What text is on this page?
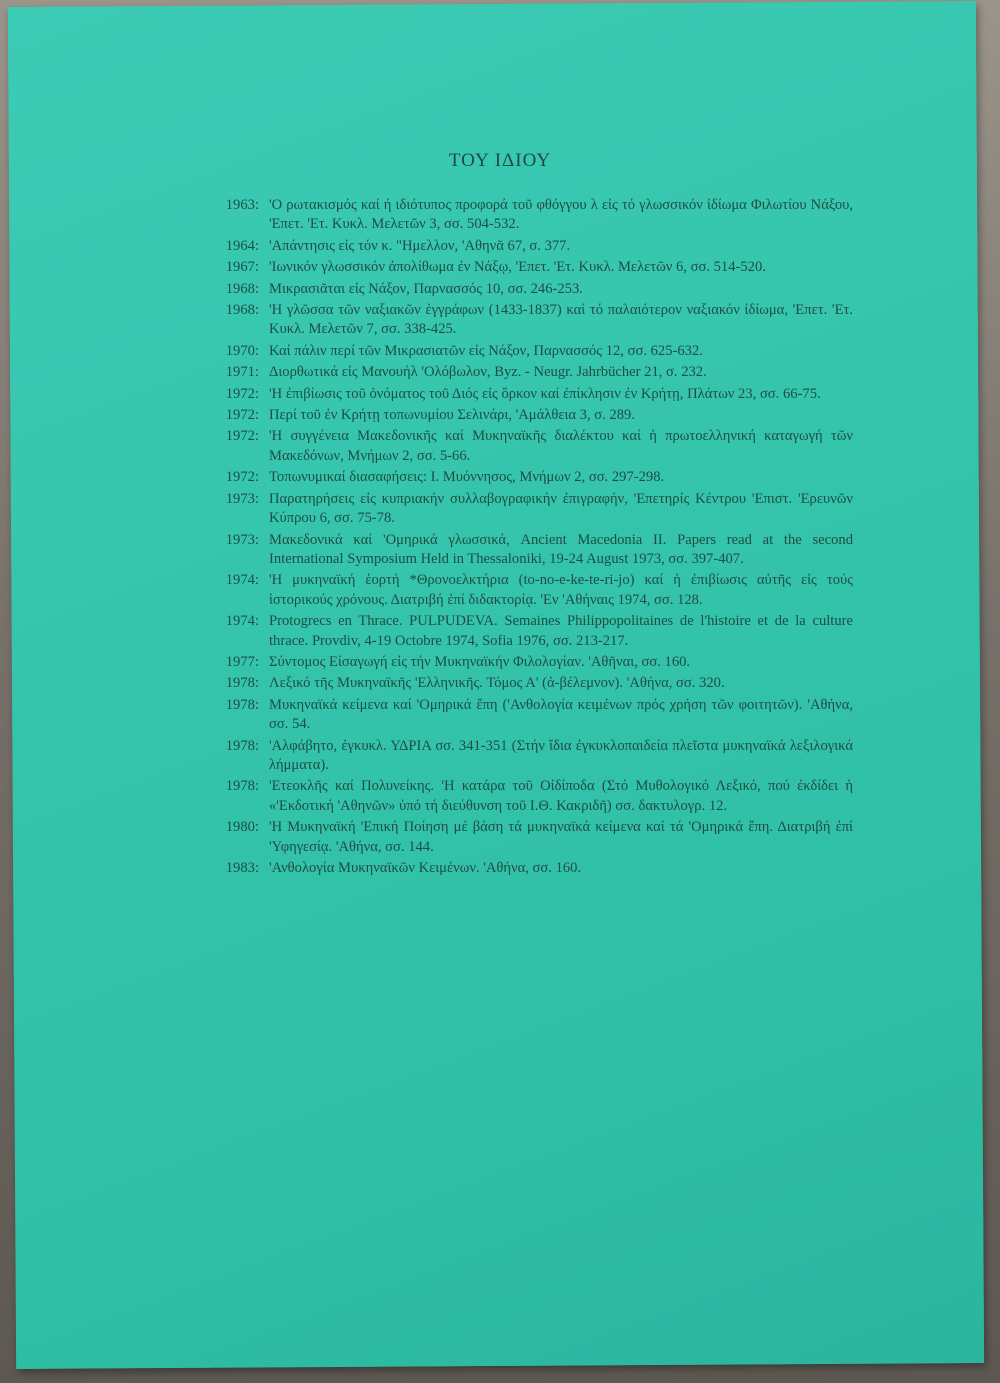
ΤΟΥ ΙΔΙΟΥ
1963: 'Ο ρωτακισμός καί ή ιδιότυπος προφορά τοῦ φθόγγου λ εἰς τό γλωσσικόν ἰδίωμα Φιλωτίου Νάξου, 'Επετ. 'Ετ. Κυκλ. Μελετῶν 3, σσ. 504-532.
1964: 'Απάντησις εἰς τόν κ. "Ημελλον, 'Αθηνᾶ 67, σ. 377.
1967: 'Ιωνικόν γλωσσικόν ἀπολίθωμα ἐν Νάξῳ, 'Επετ. 'Ετ. Κυκλ. Μελετῶν 6, σσ. 514-520.
1968: Μικρασιᾶται εἰς Νάξον, Παρνασσός 10, σσ. 246-253.
1968: 'Η γλῶσσα τῶν ναξιακῶν ἐγγράφων (1433-1837) καί τό παλαιότερον ναξιακόν ἰδίωμα, 'Επετ. 'Ετ. Κυκλ. Μελετῶν 7, σσ. 338-425.
1970: Καί πάλιν περί τῶν Μικρασιατῶν εἰς Νάξον, Παρνασσός 12, σσ. 625-632.
1971: Διορθωτικά εἰς Μανουήλ 'Ολόβωλον, Byz. - Neugr. Jahrbücher 21, σ. 232.
1972: 'Η ἐπιβίωσις τοῦ ὀνόματος τοῦ Διός εἰς ὅρκον καί ἐπίκλησιν ἐν Κρήτῃ, Πλάτων 23, σσ. 66-75.
1972: Περί τοῦ ἐν Κρήτῃ τοπωνυμίου Σελινάρι, 'Αμάλθεια 3, σ. 289.
1972: 'Η συγγένεια Μακεδονικῆς καί Μυκηναϊκῆς διαλέκτου καί ἡ πρωτοελληνική καταγωγή τῶν Μακεδόνων, Μνήμων 2, σσ. 5-66.
1972: Τοπωνυμικαί διασαφήσεις: Ι. Μυόννησος, Μνήμων 2, σσ. 297-298.
1973: Παρατηρήσεις εἰς κυπριακήν συλλαβογραφικήν ἐπιγραφήν, 'Επετηρίς Κέντρου 'Επιστ. 'Ερευνῶν Κύπρου 6, σσ. 75-78.
1973: Μακεδονικά καί 'Ομηρικά γλωσσικά, Ancient Macedonia II. Papers read at the second International Symposium Held in Thessaloniki, 19-24 August 1973, σσ. 397-407.
1974: 'Η μυκηναϊκή ἑορτή *Θρονοελκτήρια (to-no-e-ke-te-ri-jo) καί ἡ ἐπιβίωσις αὐτῆς εἰς τούς ἱστορικούς χρόνους. Διατριβή ἐπί διδακτορίᾳ. 'Εν 'Αθήναις 1974, σσ. 128.
1974: Protogrecs en Thrace. PULPUDEVA. Semaines Philippopolitaines de l'histoire et de la culture thrace. Provdiv, 4-19 Octobre 1974, Sofia 1976, σσ. 213-217.
1977: Σύντομος Εἰσαγωγή εἰς τήν Μυκηναϊκήν Φιλολογίαν. 'Αθῆναι, σσ. 160.
1978: Λεξικό τῆς Μυκηναϊκῆς 'Ελληνικῆς. Τόμος Α' (ἀ-βέλεμνον). 'Αθήνα, σσ. 320.
1978: Μυκηναϊκά κείμενα καί 'Ομηρικά ἔπη ('Ανθολογία κειμένων πρός χρήση τῶν φοιτητῶν). 'Αθήνα, σσ. 54.
1978: 'Αλφάβητο, ἐγκυκλ. ΥΔΡΙΑ σσ. 341-351 (Στήν ἴδια ἐγκυκλοπαιδεία πλεῖστα μυκηναϊκά λεξιλογικά λήμματα).
1978: 'Ετεοκλῆς καί Πολυνείκης. 'Η κατάρα τοῦ Οἰδίποδα (Στό Μυθολογικό Λεξικό, πού ἐκδίδει ἡ «'Εκδοτική 'Αθηνῶν» ὑπό τή διεύθυνση τοῦ Ι.Θ. Κακριδῆ) σσ. δακτυλογρ. 12.
1980: 'Η Μυκηναϊκή 'Επική Ποίηση μέ βάση τά μυκηναϊκά κείμενα καί τά 'Ομηρικά ἔπη. Διατριβή ἐπί 'Υφηγεσίᾳ. 'Αθήνα, σσ. 144.
1983: 'Ανθολογία Μυκηναϊκῶν Κειμένων. 'Αθήνα, σσ. 160.
